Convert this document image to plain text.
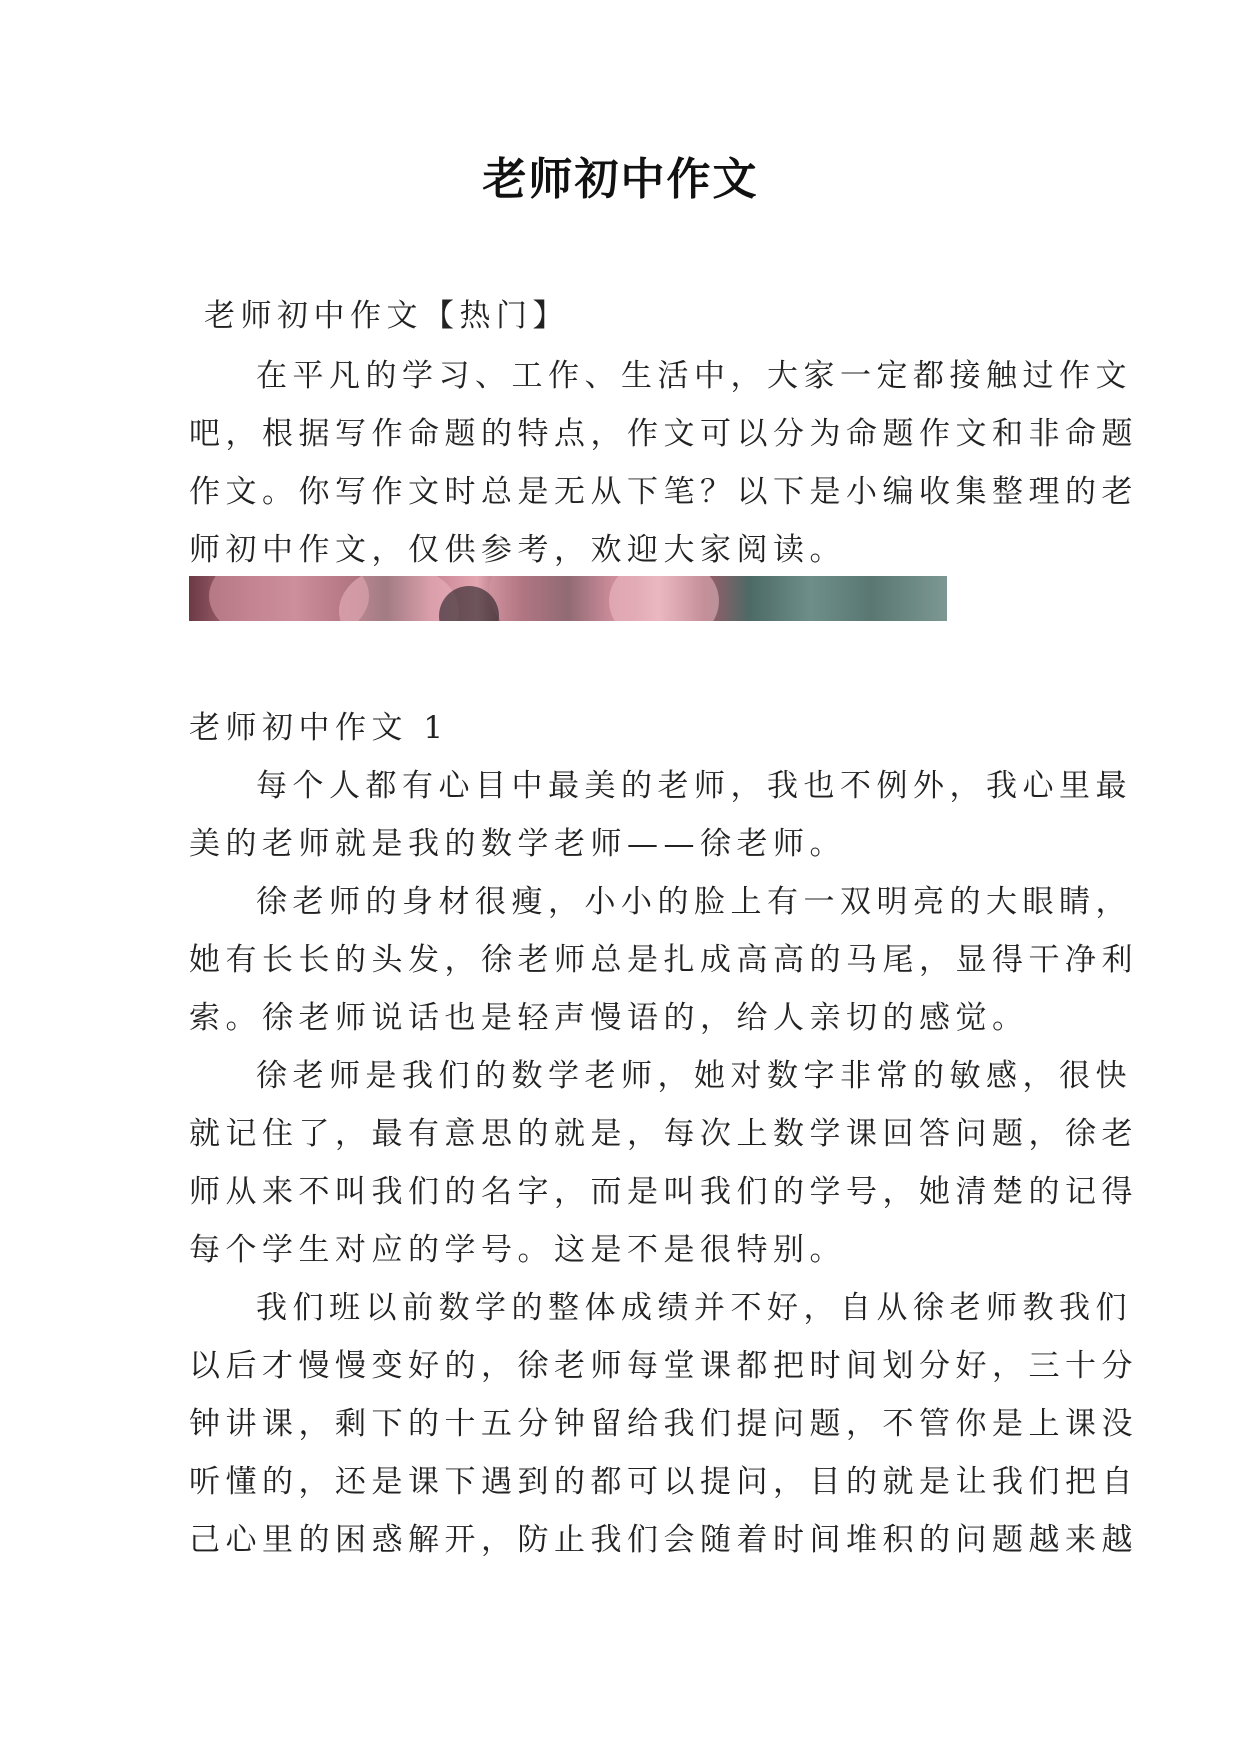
老师初中作文
老师初中作文【热门】
在平凡的学习、工作、生活中，大家一定都接触过作文
吧，根据写作命题的特点，作文可以分为命题作文和非命题
作文。你写作文时总是无从下笔？以下是小编收集整理的老
师初中作文，仅供参考，欢迎大家阅读。
老师初中作文 1
每个人都有心目中最美的老师，我也不例外，我心里最
美的老师就是我的数学老师——徐老师。
徐老师的身材很瘦，小小的脸上有一双明亮的大眼睛，
她有长长的头发，徐老师总是扎成高高的马尾，显得干净利
索。徐老师说话也是轻声慢语的，给人亲切的感觉。
徐老师是我们的数学老师，她对数字非常的敏感，很快
就记住了，最有意思的就是，每次上数学课回答问题，徐老
师从来不叫我们的名字，而是叫我们的学号，她清楚的记得
每个学生对应的学号。这是不是很特别。
我们班以前数学的整体成绩并不好，自从徐老师教我们
以后才慢慢变好的，徐老师每堂课都把时间划分好，三十分
钟讲课，剩下的十五分钟留给我们提问题，不管你是上课没
听懂的，还是课下遇到的都可以提问，目的就是让我们把自
己心里的困惑解开，防止我们会随着时间堆积的问题越来越
